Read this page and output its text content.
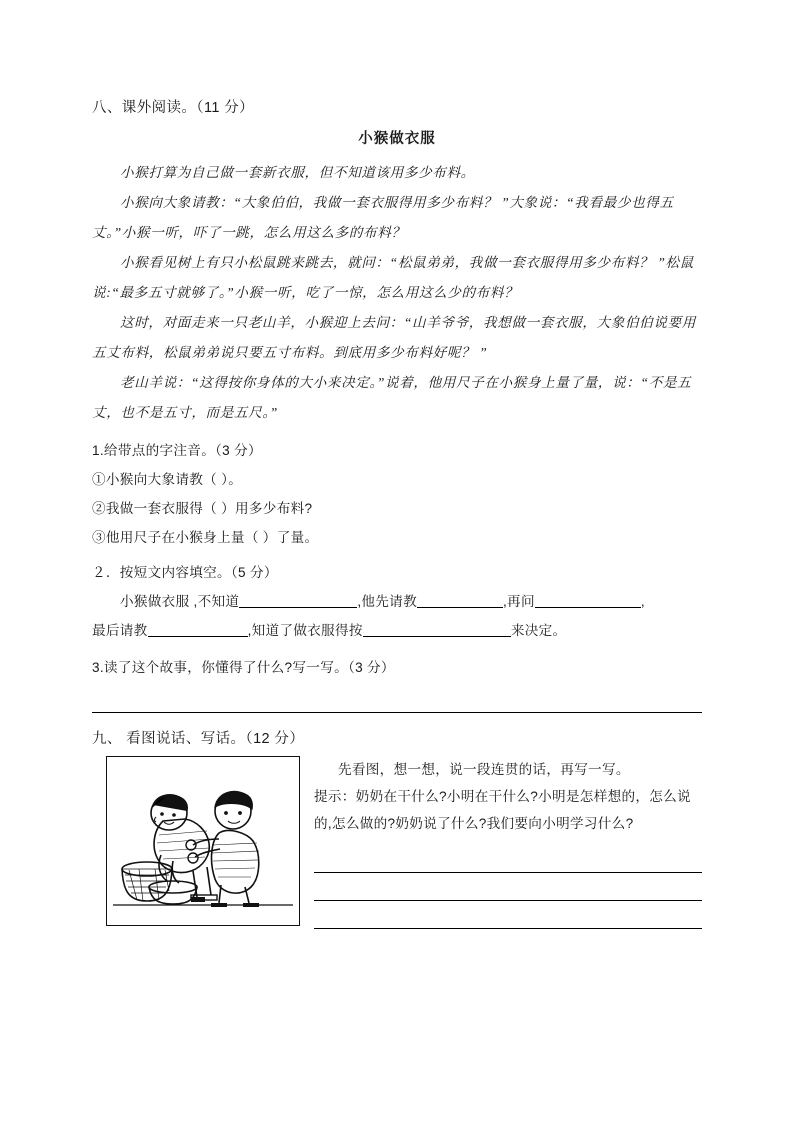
八、课外阅读。（11 分）
小猴做衣服
小猴打算为自己做一套新衣服，但不知道该用多少布料。
小猴向大象请教：“大象伯伯，我做一套衣服得用多少布料？ ”大象说：“我看最少也得五丈。”小猴一听，吓了一跳，怎么用这么多的布料？
小猴看见树上有只小松鼠跳来跳去，就问：“松鼠弟弟，我做一套衣服得用多少布料？ ”松鼠说:“最多五寸就够了。”小猴一听，吃了一惊，怎么用这么少的布料？
这时，对面走来一只老山羊，小猴迎上去问：“山羊爷爷，我想做一套衣服，大象伯伯说要用五丈布料，松鼠弟弟说只要五寸布料。到底用多少布料好呢？ ”
老山羊说：“这得按你身体的大小来决定。”说着，他用尺子在小猴身上量了量，说：“不是五丈，也不是五寸，而是五尺。”
1.给带点的字注音。（3 分）
①小猴向大象请教（ ）。
②我做一套衣服得（ ）用多少布料?
③他用尺子在小猴身上量（ ）了量。
２．按短文内容填空。（5 分）
小猴做衣服 ,不知道	,他先请教	,再问	,
最后请教	,知道了做衣服得按	来决定。
3.读了这个故事，你懂得了什么?写一写。（3 分）
九、 看图说话、写话。（12 分）
先看图，想一想，说一段连贯的话，再写一写。
提示：奶奶在干什么?小明在干什么?小明是怎样想的，怎么说的,怎么做的?奶奶说了什么?我们要向小明学习什么?
